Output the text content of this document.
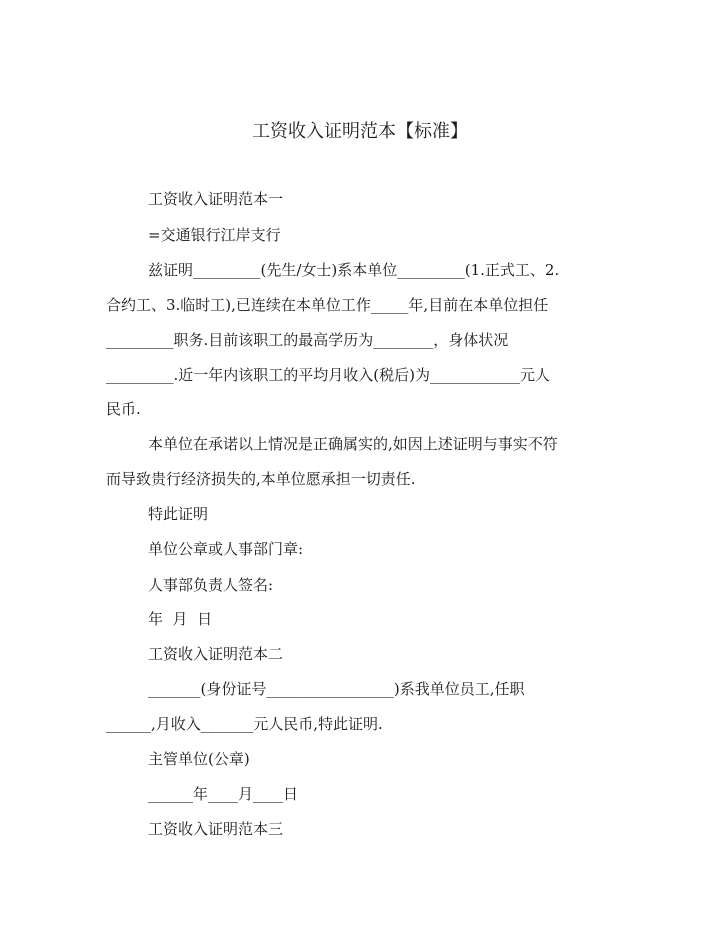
工资收入证明范本【标准】
工资收入证明范本一
=交通银行江岸支行
兹证明_________(先生/女士)系本单位_________(1.正式工、2.
合约工、3.临时工),已连续在本单位工作_____年,目前在本单位担任
_________职务.目前该职工的最高学历为________，身体状况
_________.近一年内该职工的平均月收入(税后)为____________元人
民币.
本单位在承诺以上情况是正确属实的,如因上述证明与事实不符
而导致贵行经济损失的,本单位愿承担一切责任.
特此证明
单位公章或人事部门章:
人事部负责人签名:
年  月  日
工资收入证明范本二
_______(身份证号_________________)系我单位员工,任职
______,月收入_______元人民币,特此证明.
主管单位(公章)
______年____月____日
工资收入证明范本三
